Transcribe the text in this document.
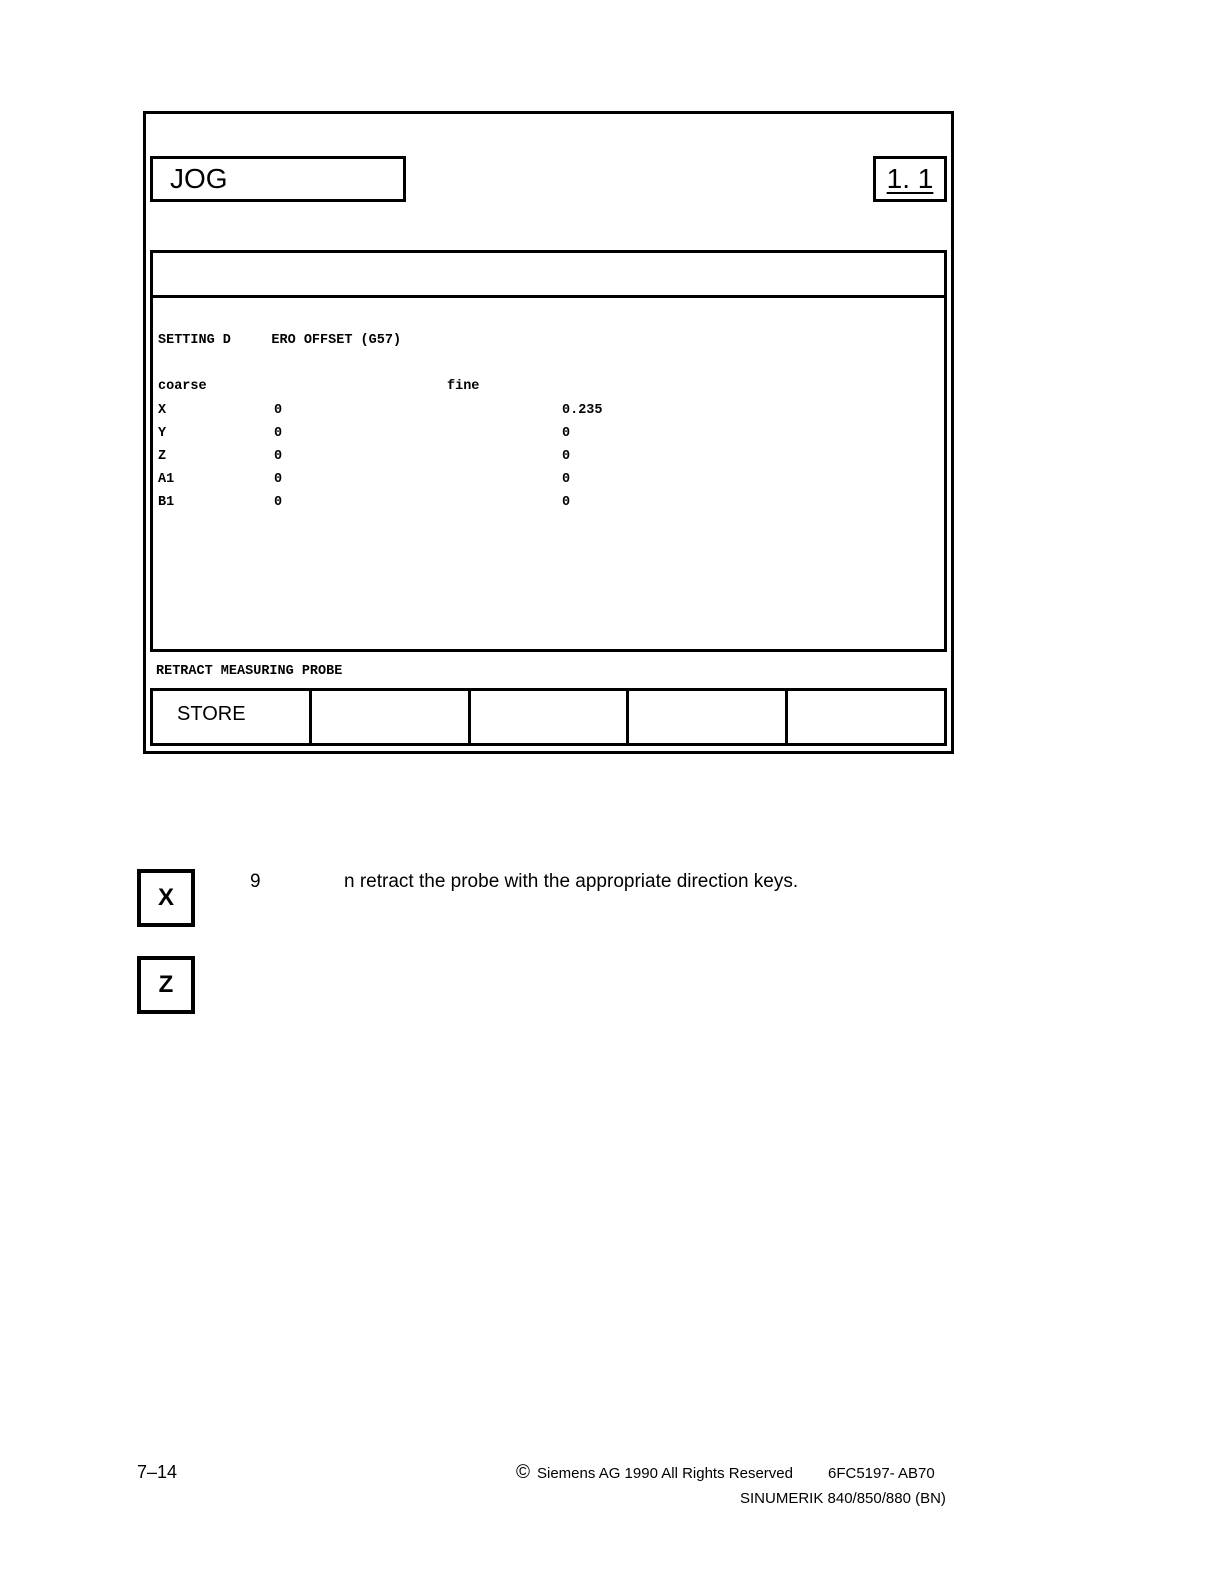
JOG	1. 1
SETTING D     ERO OFFSET (G57)
coarse	fine
X	0	0.235
Y	0	0
Z	0	0
A1	0	0
B1	0	0
RETRACT MEASURING PROBE
STORE
X
Z
9	n retract the probe with the appropriate direction keys.
7–14	© Siemens AG 1990 All Rights Reserved 6FC5197- AB70
SINUMERIK 840/850/880 (BN)
